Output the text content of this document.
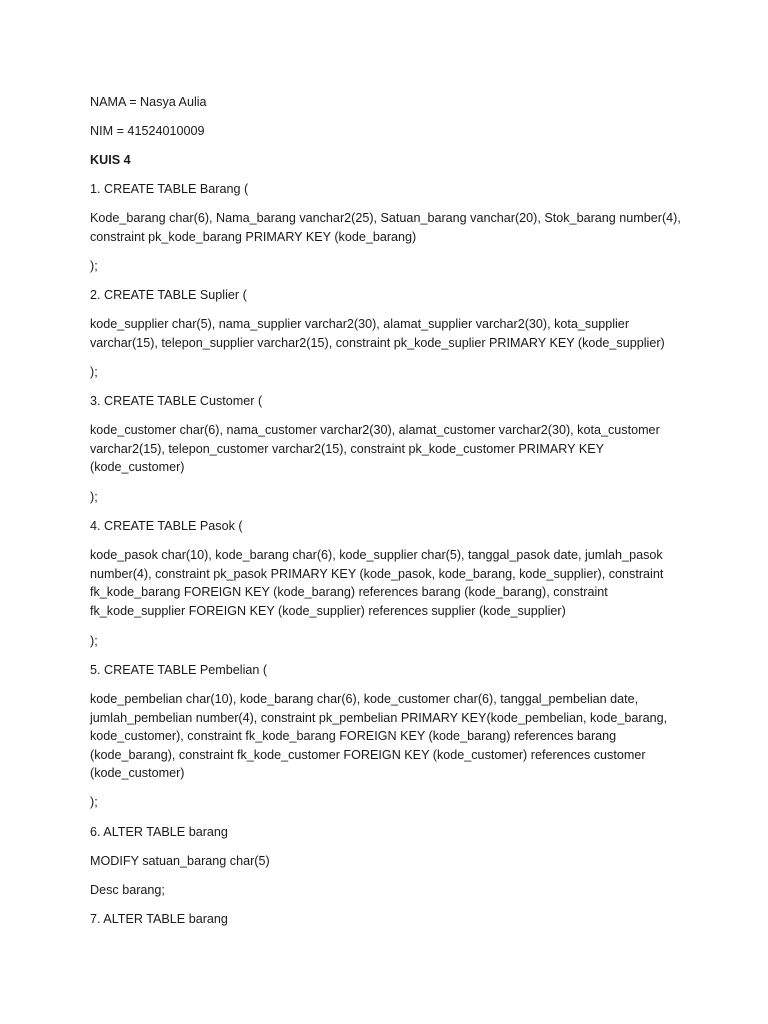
NAMA = Nasya Aulia

NIM = 41524010009

KUIS 4

1. CREATE TABLE Barang (

Kode_barang char(6), Nama_barang vanchar2(25), Satuan_barang vanchar(20), Stok_barang number(4),
constraint pk_kode_barang PRIMARY KEY (kode_barang)

);

2. CREATE TABLE Suplier (

kode_supplier char(5), nama_supplier varchar2(30), alamat_supplier varchar2(30), kota_supplier
varchar(15), telepon_supplier varchar2(15), constraint pk_kode_suplier PRIMARY KEY (kode_supplier)

);

3. CREATE TABLE Customer (

kode_customer char(6), nama_customer varchar2(30), alamat_customer varchar2(30), kota_customer
varchar2(15), telepon_customer varchar2(15), constraint pk_kode_customer PRIMARY KEY
(kode_customer)

);

4. CREATE TABLE Pasok (

kode_pasok char(10), kode_barang char(6), kode_supplier char(5), tanggal_pasok date, jumlah_pasok
number(4), constraint pk_pasok PRIMARY KEY (kode_pasok, kode_barang, kode_supplier), constraint
fk_kode_barang FOREIGN KEY (kode_barang) references barang (kode_barang), constraint
fk_kode_supplier FOREIGN KEY (kode_supplier) references supplier (kode_supplier)

);

5. CREATE TABLE Pembelian (

kode_pembelian char(10), kode_barang char(6), kode_customer char(6), tanggal_pembelian date,
jumlah_pembelian number(4), constraint pk_pembelian PRIMARY KEY(kode_pembelian, kode_barang,
kode_customer), constraint fk_kode_barang FOREIGN KEY (kode_barang) references barang
(kode_barang), constraint fk_kode_customer FOREIGN KEY (kode_customer) references customer
(kode_customer)

);

6. ALTER TABLE barang

MODIFY satuan_barang char(5)

Desc barang;

7. ALTER TABLE barang
